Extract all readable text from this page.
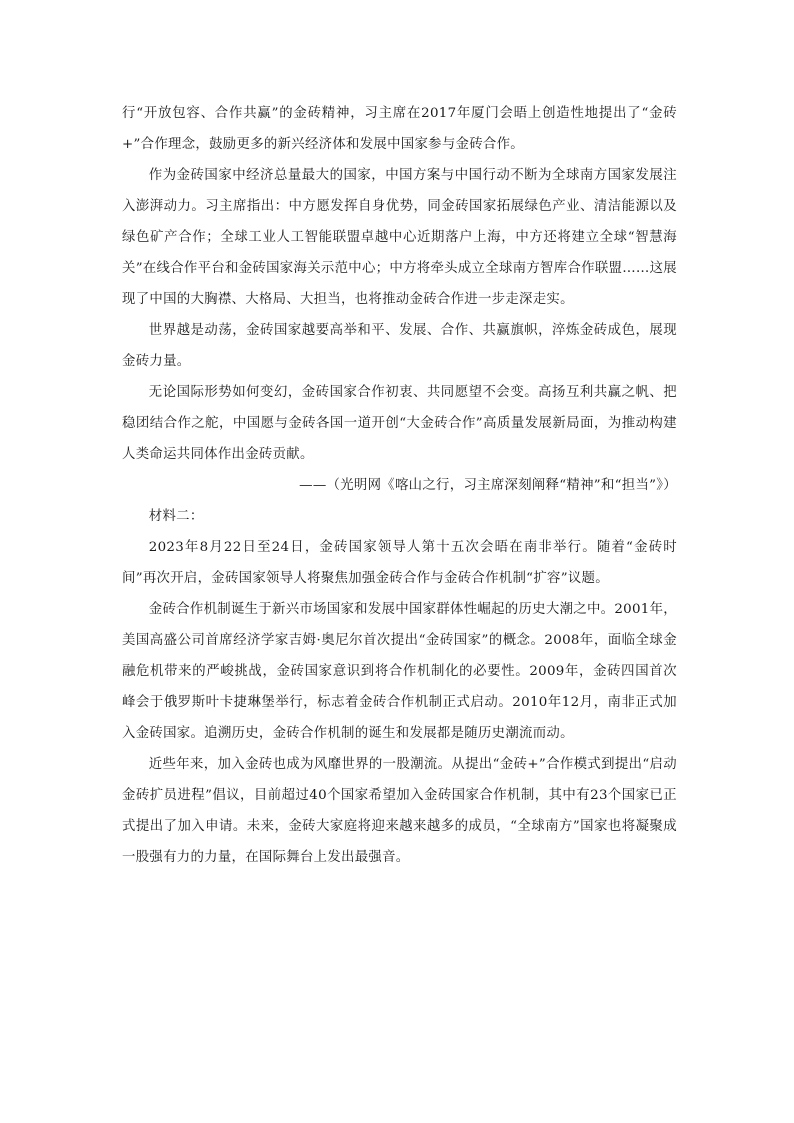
行“开放包容、合作共赢”的金砖精神，习主席在2017年厦门会晤上创造性地提出了“金砖+”合作理念，鼓励更多的新兴经济体和发展中国家参与金砖合作。

作为金砖国家中经济总量最大的国家，中国方案与中国行动不断为全球南方国家发展注入澎湃动力。习主席指出：中方愿发挥自身优势，同金砖国家拓展绿色产业、清洁能源以及绿色矿产合作；全球工业人工智能联盟卓越中心近期落户上海，中方还将建立全球“智慧海关”在线合作平台和金砖国家海关示范中心；中方将牵头成立全球南方智库合作联盟……这展现了中国的大胸襟、大格局、大担当，也将推动金砖合作进一步走深走实。

世界越是动荡，金砖国家越要高举和平、发展、合作、共赢旗帜，淬炼金砖成色，展现金砖力量。

无论国际形势如何变幻，金砖国家合作初衷、共同愿望不会变。高扬互利共赢之帆、把稳团结合作之舵，中国愿与金砖各国一道开创“大金砖合作”高质量发展新局面，为推动构建人类命运共同体作出金砖贡献。

——（光明网《喀山之行，习主席深刻阐释“精神”和“担当”》）

材料二：

2023年8月22日至24日，金砖国家领导人第十五次会晤在南非举行。随着“金砖时间”再次开启，金砖国家领导人将聚焦加强金砖合作与金砖合作机制“扩容”议题。

金砖合作机制诞生于新兴市场国家和发展中国家群体性崛起的历史大潮之中。2001年，美国高盛公司首席经济学家吉姆·奥尼尔首次提出“金砖国家”的概念。2008年，面临全球金融危机带来的严峻挑战，金砖国家意识到将合作机制化的必要性。2009年，金砖四国首次峰会于俄罗斯叶卡捷琳堡举行，标志着金砖合作机制正式启动。2010年12月，南非正式加入金砖国家。追溯历史，金砖合作机制的诞生和发展都是随历史潮流而动。

近些年来，加入金砖也成为风靡世界的一股潮流。从提出“金砖+”合作模式到提出“启动金砖扩员进程”倡议，目前超过40个国家希望加入金砖国家合作机制，其中有23个国家已正式提出了加入申请。未来，金砖大家庭将迎来越来越多的成员，“全球南方”国家也将凝聚成一股强有力的力量，在国际舞台上发出最强音。
